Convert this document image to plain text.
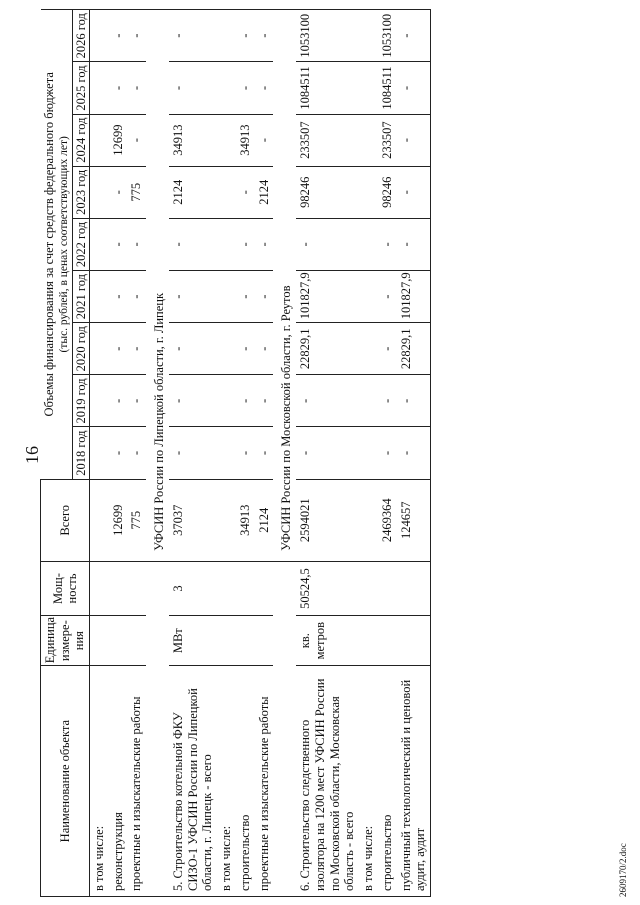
16
Наименование объекта	Единица измере-ния	Мощ-ность	Всего	Объемы финансирования за счет средств федерального бюджета								

				(тыс. рублей, в ценах соответствующих лет)								
				2018 год	2019 год	2020 год	2021 год	2022 год	2023 год	2024 год	2025 год	2026 год
в том числе:												
реконструкция			12699	-	-	-	-	-	-	12699	-	-
проектные и изыскательские работы			775	-	-	-	-	-	775	-	-	-
			УФСИН России по Липецкой области, г. Липецк									
5. Строительство котельной ФКУ СИЗО-1 УФСИН России по Липецкой области, г. Липецк - всего	МВт	3	37037	-	-	-	-	-	2124	34913	-	-
в том числе:												
строительство			34913	-	-	-	-	-	-	34913	-	-
проектные и изыскательские работы			2124	-	-	-	-	-	2124	-	-	-
			УФСИН России по Московской области, г. Реутов									
6. Строительство следственного изолятора на 1200 мест УФСИН России по Московской области, Московская область - всего	кв. метров	50524,5	2594021	-	-	22829,1	101827,9	-	98246	233507	1084511	1053100
в том числе:												
строительство			2469364	-	-	-	-	-	98246	233507	1084511	1053100
публичный технологический и ценовой аудит, аудит			124657	-	-	22829,1	101827,9	-	-	-	-	-
2609170/2.doc
